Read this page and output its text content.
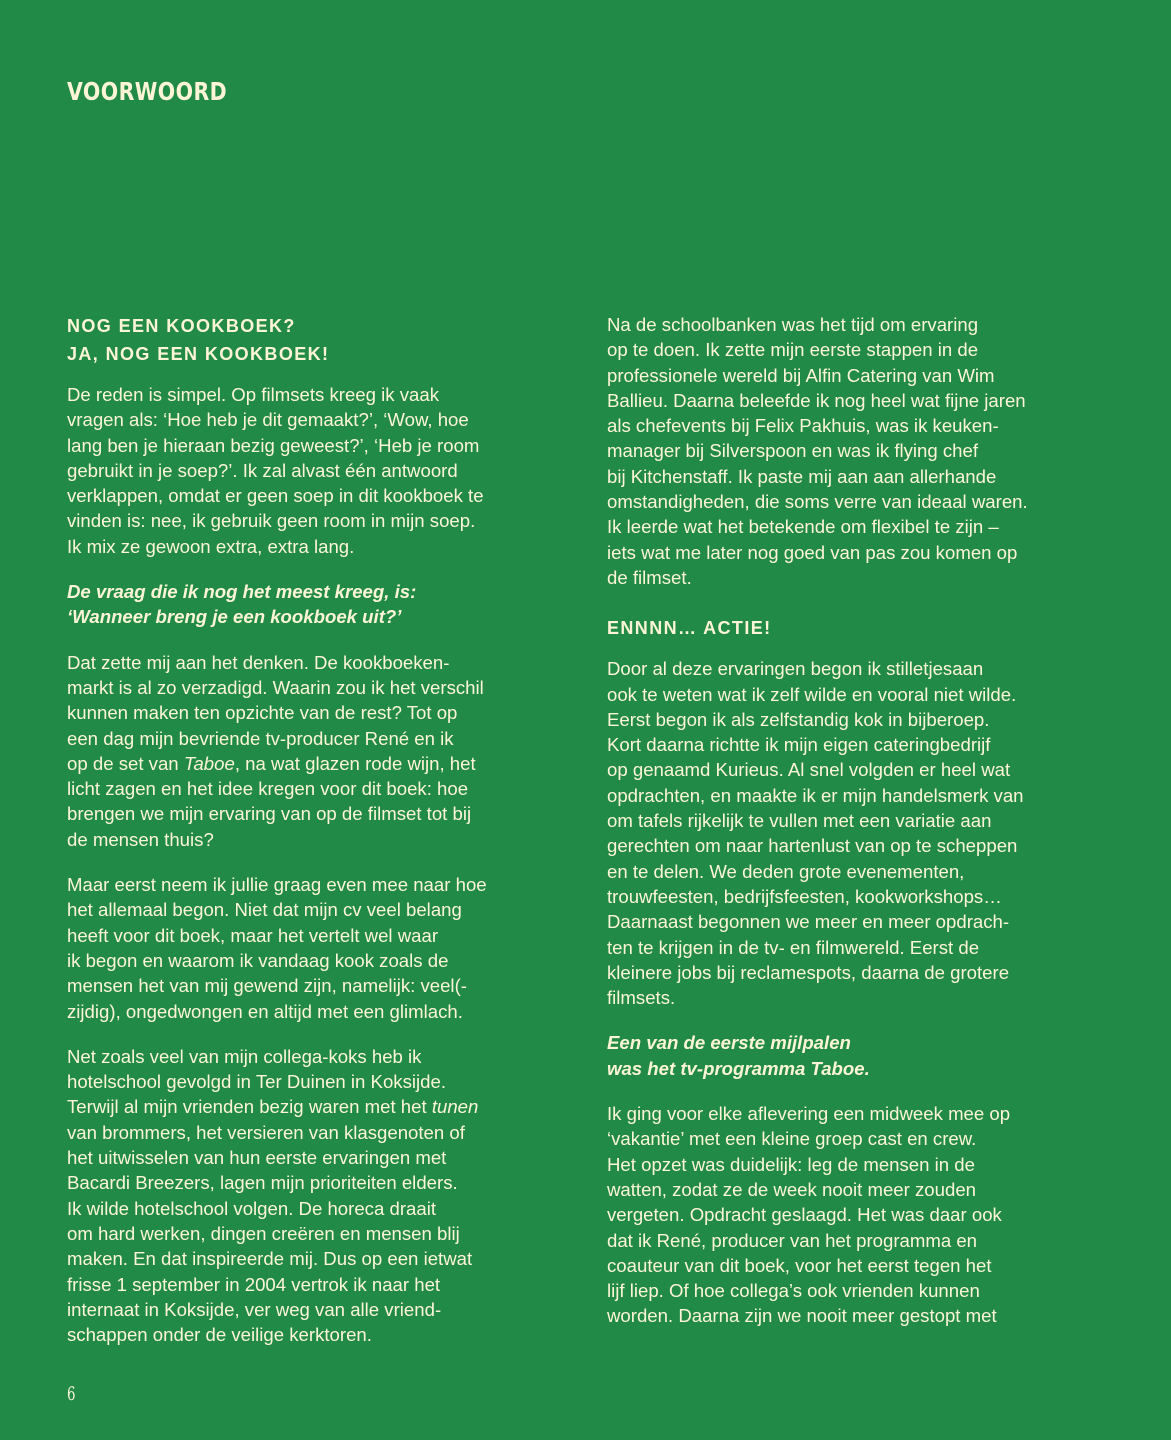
VOORWOORD
NOG EEN KOOKBOEK?
JA, NOG EEN KOOKBOEK!

De reden is simpel. Op filmsets kreeg ik vaak
vragen als: ‘Hoe heb je dit gemaakt?’, ‘Wow, hoe
lang ben je hieraan bezig geweest?’, ‘Heb je room
gebruikt in je soep?’. Ik zal alvast één antwoord
verklappen, omdat er geen soep in dit kookboek te
vinden is: nee, ik gebruik geen room in mijn soep.
Ik mix ze gewoon extra, extra lang.

De vraag die ik nog het meest kreeg, is:
‘Wanneer breng je een kookboek uit?’

Dat zette mij aan het denken. De kookboeken-
markt is al zo verzadigd. Waarin zou ik het verschil
kunnen maken ten opzichte van de rest? Tot op
een dag mijn bevriende tv-producer René en ik
op de set van Taboe, na wat glazen rode wijn, het
licht zagen en het idee kregen voor dit boek: hoe
brengen we mijn ervaring van op de filmset tot bij
de mensen thuis?

Maar eerst neem ik jullie graag even mee naar hoe
het allemaal begon. Niet dat mijn cv veel belang
heeft voor dit boek, maar het vertelt wel waar
ik begon en waarom ik vandaag kook zoals de
mensen het van mij gewend zijn, namelijk: veel(-
zijdig), ongedwongen en altijd met een glimlach.

Net zoals veel van mijn collega-koks heb ik
hotelschool gevolgd in Ter Duinen in Koksijde.
Terwijl al mijn vrienden bezig waren met het tunen
van brommers, het versieren van klasgenoten of
het uitwisselen van hun eerste ervaringen met
Bacardi Breezers, lagen mijn prioriteiten elders.
Ik wilde hotelschool volgen. De horeca draait
om hard werken, dingen creëren en mensen blij
maken. En dat inspireerde mij. Dus op een ietwat
frisse 1 september in 2004 vertrok ik naar het
internaat in Koksijde, ver weg van alle vriend-
schappen onder de veilige kerktoren.

Na de schoolbanken was het tijd om ervaring
op te doen. Ik zette mijn eerste stappen in de
professionele wereld bij Alfin Catering van Wim
Ballieu. Daarna beleefde ik nog heel wat fijne jaren
als chefevents bij Felix Pakhuis, was ik keuken-
manager bij Silverspoon en was ik flying chef
bij Kitchenstaff. Ik paste mij aan aan allerhande
omstandigheden, die soms verre van ideaal waren.
Ik leerde wat het betekende om flexibel te zijn –
iets wat me later nog goed van pas zou komen op
de filmset.

ENNNN… ACTIE!

Door al deze ervaringen begon ik stilletjesaan
ook te weten wat ik zelf wilde en vooral niet wilde.
Eerst begon ik als zelfstandig kok in bijberoep.
Kort daarna richtte ik mijn eigen cateringbedrijf
op genaamd Kurieus. Al snel volgden er heel wat
opdrachten, en maakte ik er mijn handelsmerk van
om tafels rijkelijk te vullen met een variatie aan
gerechten om naar hartenlust van op te scheppen
en te delen. We deden grote evenementen,
trouwfeesten, bedrijfsfeesten, kookworkshops…
Daarnaast begonnen we meer en meer opdrach-
ten te krijgen in de tv- en filmwereld. Eerst de
kleinere jobs bij reclamespots, daarna de grotere
filmsets.

Een van de eerste mijlpalen
was het tv-programma Taboe.

Ik ging voor elke aflevering een midweek mee op
‘vakantie’ met een kleine groep cast en crew.
Het opzet was duidelijk: leg de mensen in de
watten, zodat ze de week nooit meer zouden
vergeten. Opdracht geslaagd. Het was daar ook
dat ik René, producer van het programma en
coauteur van dit boek, voor het eerst tegen het
lijf liep. Of hoe collega’s ook vrienden kunnen
worden. Daarna zijn we nooit meer gestopt met

6
